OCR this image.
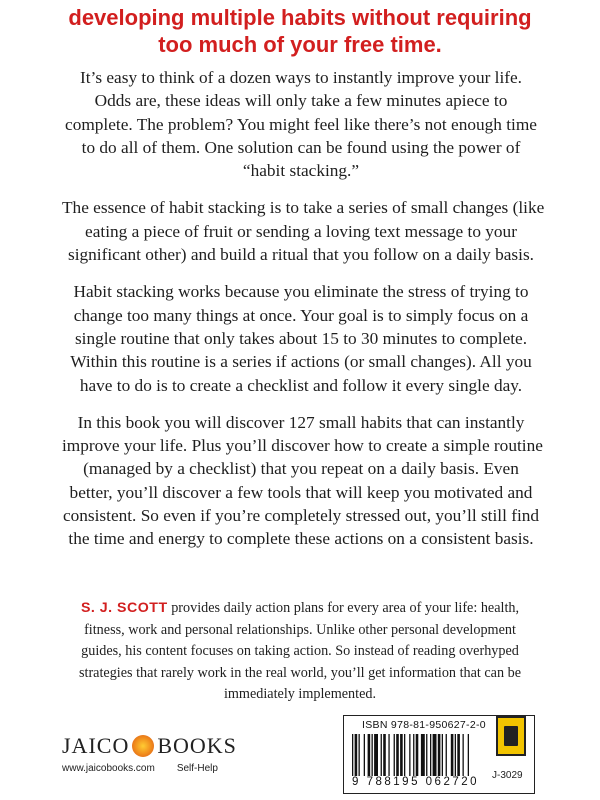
developing multiple habits without requiring
too much of your free time.

It’s easy to think of a dozen ways to instantly improve your life.
Odds are, these ideas will only take a few minutes apiece to
complete. The problem? You might feel like there’s not enough time
to do all of them. One solution can be found using the power of
“habit stacking.”

The essence of habit stacking is to take a series of small changes (like
eating a piece of fruit or sending a loving text message to your
significant other) and build a ritual that you follow on a daily basis.

Habit stacking works because you eliminate the stress of trying to
change too many things at once. Your goal is to simply focus on a
single routine that only takes about 15 to 30 minutes to complete.
Within this routine is a series if actions (or small changes). All you
have to do is to create a checklist and follow it every single day.

In this book you will discover 127 small habits that can instantly
improve your life. Plus you’ll discover how to create a simple routine
(managed by a checklist) that you repeat on a daily basis. Even
better, you’ll discover a few tools that will keep you motivated and
consistent. So even if you’re completely stressed out, you’ll still find
the time and energy to complete these actions on a consistent basis.

S. J. SCOTT provides daily action plans for every area of your life: health,
fitness, work and personal relationships. Unlike other personal development
guides, his content focuses on taking action. So instead of reading overhyped
strategies that rarely work in the real world, you’ll get information that can be
immediately implemented.
JAICO BOOKS
www.jaicobooks.com Self-Help
ISBN 978-81-950627-2-0
9 788195 062720
J-3029
